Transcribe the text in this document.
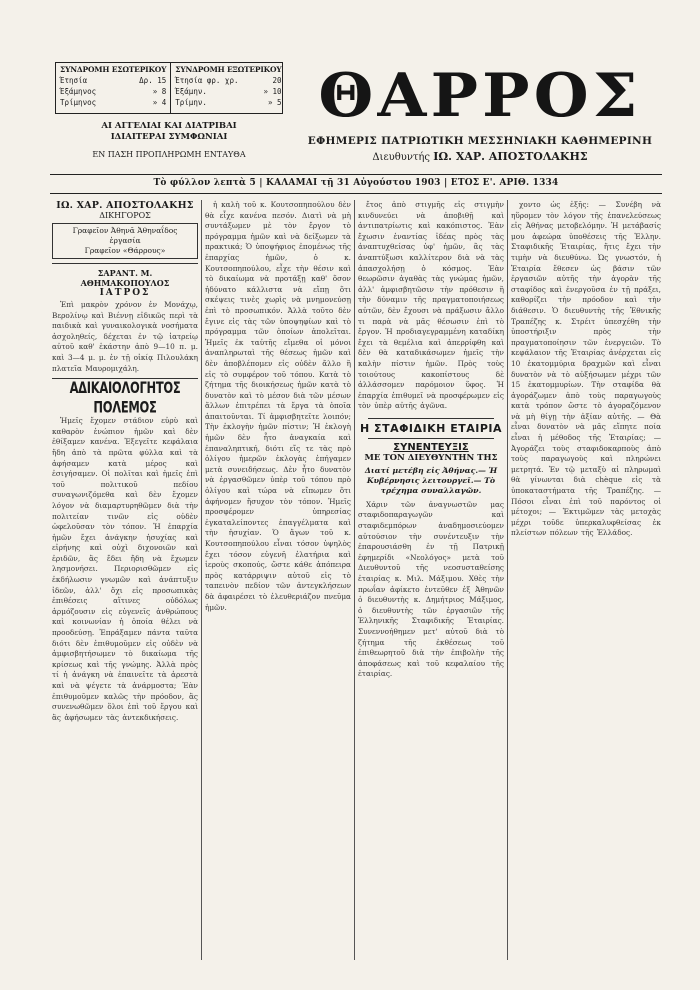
ΣΥΝΔΡΟΜΗ ΕΣΩΤΕΡΙΚΟΥ
Έτησία	Δρ. 15
Έξάμηνος	» 8
Τρίμηνος	» 4
ΣΥΝΔΡΟΜΗ ΕΞΩΤΕΡΙΚΟΥ
Έτησία φρ. χρ.	20
Έξάμην.	» 10
Τρίμην.	» 5
ΑΙ ΑΓΓΕΛΙΑΙ ΚΑΙ ΔΙΑΤΡΙΒΑΙ
ΙΔΙΑΙΤΕΡΑΙ ΣΥΜΦΩΝΙΑΙ
ΕΝ ΠΑΣΗ ΠΡΟΠΛΗΡΩΜΗ ΕΝΤΑΥΘΑ
ΘΑΡΡΟΣ
ΕΦΗΜΕΡΙΣ ΠΑΤΡΙΩΤΙΚΗ ΜΕΣΣΗΝΙΑΚΗ ΚΑΘΗΜΕΡΙΝΗ
Διευθυντής ΙΩ. ΧΑΡ. ΑΠΟΣΤΟΛΑΚΗΣ
Τὸ φύλλον λεπτὰ 5 | ΚΑΛΑΜΑΙ τῇ 31 Αὐγούστου 1903 | ΕΤΟΣ Ε'. ΑΡΙΘ. 1334
ΙΩ. ΧΑΡ. ΑΠΟΣΤΟΛΑΚΗΣ
ΔΙΚΗΓΟΡΟΣ
Γραφεῖον Ἀθηνᾶ Ἀθηναΐδος ἐργασία
Γραφεῖον «Θάρρους»
ΣΑΡΑΝΤ. Μ. ΑΘΗΜΑΚΟΠΟΥΛΟΣ
ΙΑΤΡΟΣ

Ἐπὶ μακρὸν χρόνον ἐν Μονάχῳ, Βερολίνῳ καὶ Βιέννῃ εἰδικῶς περὶ τὰ παιδικὰ καὶ γυναικολογικὰ νοσήματα ἀσχοληθείς, δέχεται ἐν τῷ ἰατρείῳ αὐτοῦ καθ' ἑκάστην ἀπὸ 9—10 π. μ. καὶ 3—4 μ. μ. ἐν τῇ οἰκίᾳ Πιλουλάκη πλατεῖα Μαυρομιχάλη.

ΑΔΙΚΑΙΟΛΟΓΗΤΟΣ ΠΟΛΕΜΟΣ

Ἡμεῖς ἔχομεν στάδιον εὐρὺ καὶ καθαρὸν ἐνώπιον ἡμῶν καὶ δὲν ἐθίξαμεν κανένα. Ἐξεγεῖτε κεφάλαια ἤδη ἀπὸ τὰ πρῶτα φύλλα καὶ τὰ ἀφήσαμεν κατὰ μέρος καὶ ἐσιγήσαμεν. Οἱ πολῖται καὶ ἡμεῖς ἐπὶ τοῦ πολιτικοῦ πεδίου συναγωνιζόμεθα καὶ δὲν ἔχομεν λόγον νὰ διαμαρτυρηθῶμεν διὰ τὴν πολιτείαν τινῶν εἰς οὐδὲν ὠφελοῦσαν τὸν τόπον. Ἡ ἐπαρχία ἡμῶν ἔχει ἀνάγκην ἡσυχίας καὶ εἰρήνης καὶ οὐχὶ διχονοιῶν καὶ ἐριδῶν, ἃς ἔδει ἤδη νὰ ἔχωμεν λησμονήσει. Περιορισθῶμεν εἰς ἐκδήλωσιν γνωμῶν καὶ ἀνάπτυξιν ἰδεῶν, ἀλλ' ὄχι εἰς προσωπικὰς ἐπιθέσεις αἵτινες οὐδόλως ἁρμόζουσιν εἰς εὐγενεῖς ἀνθρώπους καὶ κοινωνίαν ἡ ὁποία θέλει νὰ προοδεύσῃ. Ἐπράξαμεν πάντα ταῦτα διότι δὲν ἐπιθυμοῦμεν εἰς οὐδὲν νὰ ἀμφισβητήσωμεν τὸ δικαίωμα τῆς κρίσεως καὶ τῆς γνώμης. Ἀλλὰ πρὸς τί ἡ ἀνάγκη νὰ ἐπαινεῖτε τὰ ἀρεστὰ καὶ νὰ ψέγετε τὰ ἀνάρμοστα; Ἐὰν ἐπιθυμοῦμεν καλῶς τὴν πρόοδον, ἃς συνενωθῶμεν ὅλοι ἐπὶ τοῦ ἔργου καὶ ἃς ἀφήσωμεν τὰς ἀντεκδικήσεις.

ἡ καλὴ τοῦ κ. Κουτσοπηπούλου δὲν θὰ εἶχε κανένα πεσόν. Διατὶ νὰ μὴ συντάξωμεν μὲ τὸν ἔργον τὸ πρόγραμμα ἡμῶν καὶ νὰ δείξωμεν τὰ πρακτικά; Ὁ ὑποψήφιος ἐπομένως τῆς ἐπαρχίας ἡμῶν, ὁ κ. Κουτσοπηπούλου, εἶχε τὴν θέσιν καὶ τὸ δικαίωμα νὰ προτάξῃ καθ' ὅσον ἠδύνατο κάλλιστα νὰ εἴπῃ ὅτι σκέψεις τινὲς χωρὶς νὰ μνημονεύσῃ ἐπὶ τὸ προσωπικόν. Ἀλλὰ τοῦτο δὲν ἔγινε εἰς τὰς τῶν ὑποψηφίων καὶ τὸ πρόγραμμα τῶν ὁποίων ἀπολεῖται. Ἡμεῖς ἐκ ταὐτῆς εἴμεθα οἱ μόνοι ἀναπληρωταὶ τῆς θέσεως ἡμῶν καὶ δὲν ἀποβλέπομεν εἰς οὐδὲν ἄλλο ἢ εἰς τὸ συμφέρον τοῦ τόπου. Κατὰ τὸ ζήτημα τῆς διοικήσεως ἡμῶν κατὰ τὸ δυνατὸν καὶ τὸ μέσον διὰ τῶν μέσων ἄλλων ἐπιτρέπει τὰ ἔργα τὰ ὁποῖα ἀπαιτοῦνται. Τί ἀμφισβητεῖτε λοιπόν; Τὴν ἐκλογὴν ἡμῶν πίστιν; Ἡ ἐκλογὴ ἡμῶν δὲν ἦτο ἀναγκαία καὶ ἐπαναληπτική, διότι εἴς τε τὰς πρὸ ὀλίγου ἡμερῶν ἐκλογὰς ἐπήγαμεν μετὰ συνειδήσεως. Δὲν ἦτο δυνατὸν νὰ ἐργασθῶμεν ὑπὲρ τοῦ τόπου πρὸ ὀλίγου καὶ τώρα νὰ εἴπωμεν ὅτι ἀφήνομεν ἥσυχον τὸν τόπον. Ἡμεῖς προσφέρομεν ὑπηρεσίας ἐγκαταλείποντες ἐπαγγέλματα καὶ τὴν ἡσυχίαν. Ὁ ἄγων τοῦ κ. Κουτσοπηπούλου εἶναι τόσον ὑψηλὸς ἔχει τόσον εὐγενῆ ἐλατήρια καὶ ἱεροὺς σκοπούς, ὥστε κάθε ἀπόπειρα πρὸς κατάρριψιν αὐτοῦ εἰς τὸ ταπεινὸν πεδίον τῶν ἀντεγκλήσεων δὰ ἀφαιρέσει τὸ ἐλευθεριάζον πνεῦμα ἡμῶν.

ἔτος ἀπὸ στιγμῆς εἰς στιγμὴν κινδυνεύει νὰ ἀποβιθῇ καὶ ἀντιπατρίωτις καὶ κακόπιστος. Ἐὰν ἔχωσιν ἐναντίας ἰδέας πρὸς τὰς ἀναπτυχθείσας ὑφ' ἡμῶν, ἂς τὰς ἀναπτύξωσι καλλίτερον διὰ νὰ τὰς ἀπασχολήσῃ ὁ κόσμος. Ἐὰν θεωρῶσιν ἀγαθὰς τὰς γνώμας ἡμῶν, ἀλλ' ἀμφισβητῶσιν τὴν πρόθεσιν ἢ τὴν δύναμιν τῆς πραγματοποιήσεως αὐτῶν, δὲν ἔχουσι νὰ πράξωσιν ἄλλο τι παρὰ νὰ μᾶς θέσωσιν ἐπὶ τὸ ἔργον. Ἡ προδιαγεγραμμένη καταδίκη ἔχει τὰ θεμέλια καὶ ἀπερρίφθη καὶ δὲν θὰ καταδικάσωμεν ἡμεῖς τὴν καλὴν πίστιν ἡμῶν. Πρὸς τοὺς τοιούτους κακοπίστους δὲ ἀλλάσσομεν παρόμοιον ὕφος. Ἡ ἐπαρχία ἐπιθυμεῖ νὰ προσφέρωμεν εἰς τὸν ὑπὲρ αὐτῆς ἀγῶνα.

Η ΣΤΑΦΙΔΙΚΗ ΕΤΑΙΡΙΑ
ΣΥΝΕΝΤΕΥΞΙΣ
ΜΕ ΤΟΝ ΔΙΕΥΘΥΝΤΗΝ ΤΗΣ
Διατί μετέβη εἰς Ἀθήνας.— Ἡ Κυβέρνησις λειτουργεῖ.— Τὸ τρέχημα συναλλαγῶν.

Χάριν τῶν ἀναγνωστῶν μας σταφιδοπαραγωγῶν καὶ σταφιδεμπόρων ἀναδημοσιεύομεν αὐτούσιον τὴν συνέντευξιν τὴν ἐπαρουσιάσθη ἐν τῇ Πατρικῇ ἐφημερίδι «Νεολόγος» μετὰ τοῦ Διευθυντοῦ τῆς νεοσυσταθείσης ἐταιρίας κ. Μιλ. Μάξιμου. Χθὲς τὴν πρωΐαν ἀφίκετο ἐντεῦθεν ἐξ Ἀθηνῶν ὁ διευθυντὴς κ. Δημήτριος Μάξιμος, ὁ διευθυντὴς τῶν ἐργασιῶν τῆς Ἑλληνικῆς Σταφιδικῆς Ἑταιρίας. Συνεννοήθημεν μετ' αὐτοῦ διὰ τὸ ζήτημα τῆς ἐκθέσεως τοῦ ἐπιθεωρητοῦ διὰ τὴν ἐπιβολὴν τῆς ἀποφάσεως καὶ τοῦ κεφαλαίου τῆς ἑταιρίας.

χοντο ὡς ἑξῆς: — Συνέβη νὰ ηὕρομεν τὸν λόγον τῆς ἐπανελεύσεως εἰς Ἀθήνας μετοβελόμην. Ἡ μετάβασίς μου ἀφεώρα ὑποθέσεις τῆς Ἑλλην. Σταφιδικῆς Ἑταιρίας, ἥτις ἔχει τὴν τιμὴν νὰ διευθύνω. Ὡς γνωστόν, ἡ Ἑταιρία ἔθεσεν ὡς βάσιν τῶν ἐργασιῶν αὐτῆς τὴν ἀγορὰν τῆς σταφίδος καὶ ἐνεργοῦσα ἐν τῇ πράξει, καθορίζει τὴν πρόοδον καὶ τὴν διάθεσιν. Ὁ διευθυντὴς τῆς Ἐθνικῆς Τραπέζης κ. Στρέιτ ὑπεσχέθη τὴν ὑποστήριξιν πρὸς τὴν πραγματοποίησιν τῶν ἐνεργειῶν. Τὸ κεφάλαιον τῆς Ἑταιρίας ἀνέρχεται εἰς 10 ἑκατομμύρια δραχμῶν καὶ εἶναι δυνατὸν νὰ τὸ αὐξήσωμεν μέχρι τῶν 15 ἑκατομμυρίων. Τὴν σταφίδα θὰ ἀγοράζωμεν ἀπὸ τοὺς παραγωγοὺς κατὰ τρόπον ὥστε τὸ ἀγοραζόμενον νὰ μὴ θίγῃ τὴν ἀξίαν αὐτῆς. — Θὰ εἶναι δυνατὸν νὰ μᾶς εἴπητε ποία εἶναι ἡ μέθοδος τῆς Ἑταιρίας; — Ἀγοράζει τοὺς σταφιδοκαρποὺς ἀπὸ τοὺς παραγωγοὺς καὶ πληρώνει μετρητά. Ἐν τῷ μεταξὺ αἱ πληρωμαὶ θὰ γίνωνται διὰ chèque εἰς τὰ ὑποκαταστήματα τῆς Τραπέζης. — Πόσοι εἶναι ἐπὶ τοῦ παρόντος οἱ μέτοχοι; — Ἐκτιμῶμεν τὰς μετοχὰς μέχρι τοῦδε ὑπερκαλυφθείσας ἐκ πλείστων πόλεων τῆς Ἑλλάδος.
